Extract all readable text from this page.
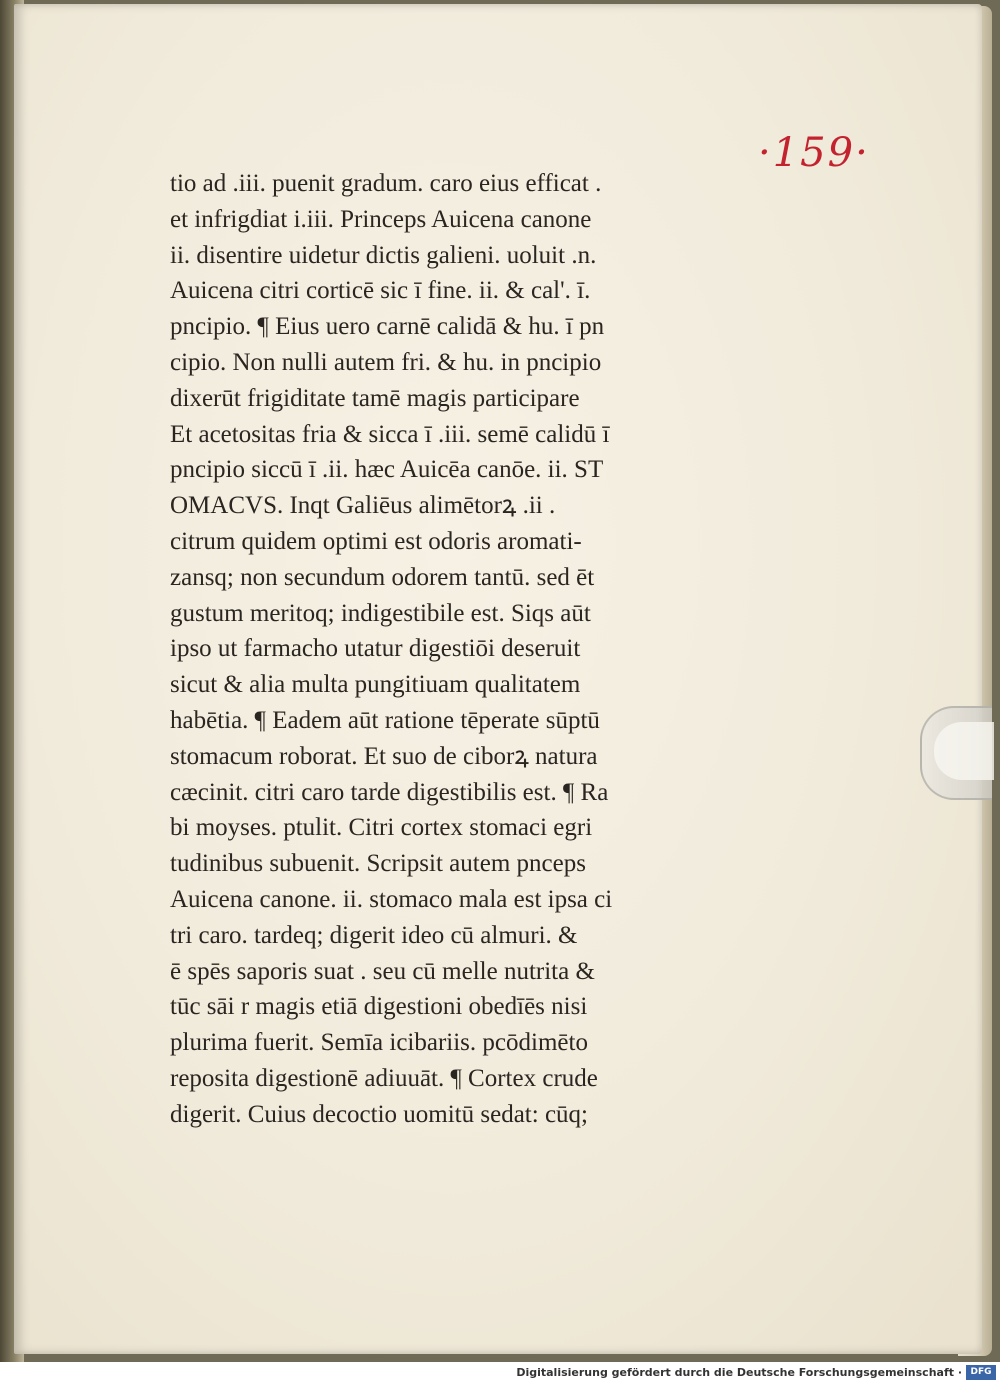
·159·
tio ad .iii. puenit gradum. caro eius efficat .
et infrigdiat i.iii. Princeps Auicena canone
ii. disentire uidetur dictis galieni. uoluit .n.
Auicena citri corticē sic ī fine. ii. & cal'. ī.
pncipio. ¶ Eius uero carnē calidā & hu. ī pn
cipio. Non nulli autem fri. & hu. in pncipio
dixerūt frigiditate tamē magis participare
Et acetositas fria & sicca ī .iii. semē calidū ī
pncipio siccū ī .ii. hæc Auicēa canōe. ii. ST
OMACVS. Inqt Galiēus alimētorꝝ .ii .
citrum quidem optimi est odoris aromati-
zansq; non secundum odorem tantū. sed ēt
gustum meritoq; indigestibile est. Siqs aūt
ipso ut farmacho utatur digestiōi deseruit
sicut & alia multa pungitiuam qualitatem
habētia. ¶ Eadem aūt ratione tēperate sūptū
stomacum roborat. Et suo de ciborꝝ natura
cæcinit. citri caro tarde digestibilis est. ¶ Ra
bi moyses. ptulit. Citri cortex stomaci egri
tudinibus subuenit. Scripsit autem pnceps
Auicena canone. ii. stomaco mala est ipsa ci
tri caro. tardeq; digerit ideo cū almuri. &
ē spēs saporis suat . seu cū melle nutrita &
tūc sāi r magis etiā digestioni obedīēs nisi
plurima fuerit. Semīa icibariis. pcōdimēto
reposita digestionē adiuuāt. ¶ Cortex crude
digerit. Cuius decoctio uomitū sedat: cūq;
Digitalisierung gefördert durch die Deutsche Forschungsgemeinschaft · DFG
